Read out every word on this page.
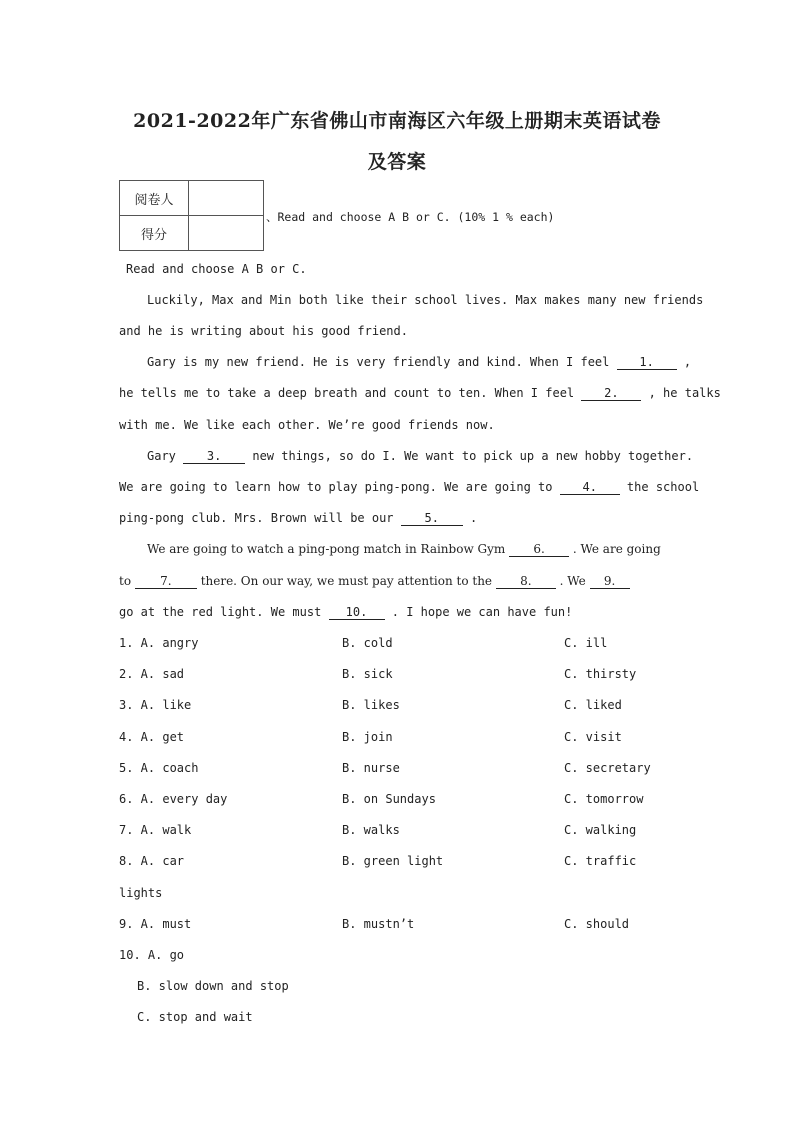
2021-2022年广东省佛山市南海区六年级上册期末英语试卷
及答案
阅卷人	
得分	
、Read and choose A B or C. (10% 1 % each)
Read and choose A B or C.
Luckily, Max and Min both like their school lives. Max makes many new friends
and he is writing about his good friend.
Gary is my new friend. He is very friendly and kind. When I feel 1. ,
he tells me to take a deep breath and count to ten. When I feel 2. , he talks
with me. We like each other. We’re good friends now.
Gary 3. new things, so do I. We want to pick up a new hobby together.
We are going to learn how to play ping-pong. We are going to 4. the school
ping-pong club. Mrs. Brown will be our 5. .
We are going to watch a ping-pong match in Rainbow Gym 6. . We are going
to 7. there. On our way, we must pay attention to the 8. . We 9.
go at the red light. We must 10. . I hope we can have fun!
1. A. angry	B. cold	C. ill
2. A. sad	B. sick	C. thirsty
3. A. like	B. likes	C. liked
4. A. get	B. join	C. visit
5. A. coach	B. nurse	C. secretary
6. A. every day	B. on Sundays	C. tomorrow
7. A. walk	B. walks	C. walking
8. A. car	B. green light	C. traffic
lights
9. A. must	B. mustn’t	C. should
10. A. go
B. slow down and stop
C. stop and wait
